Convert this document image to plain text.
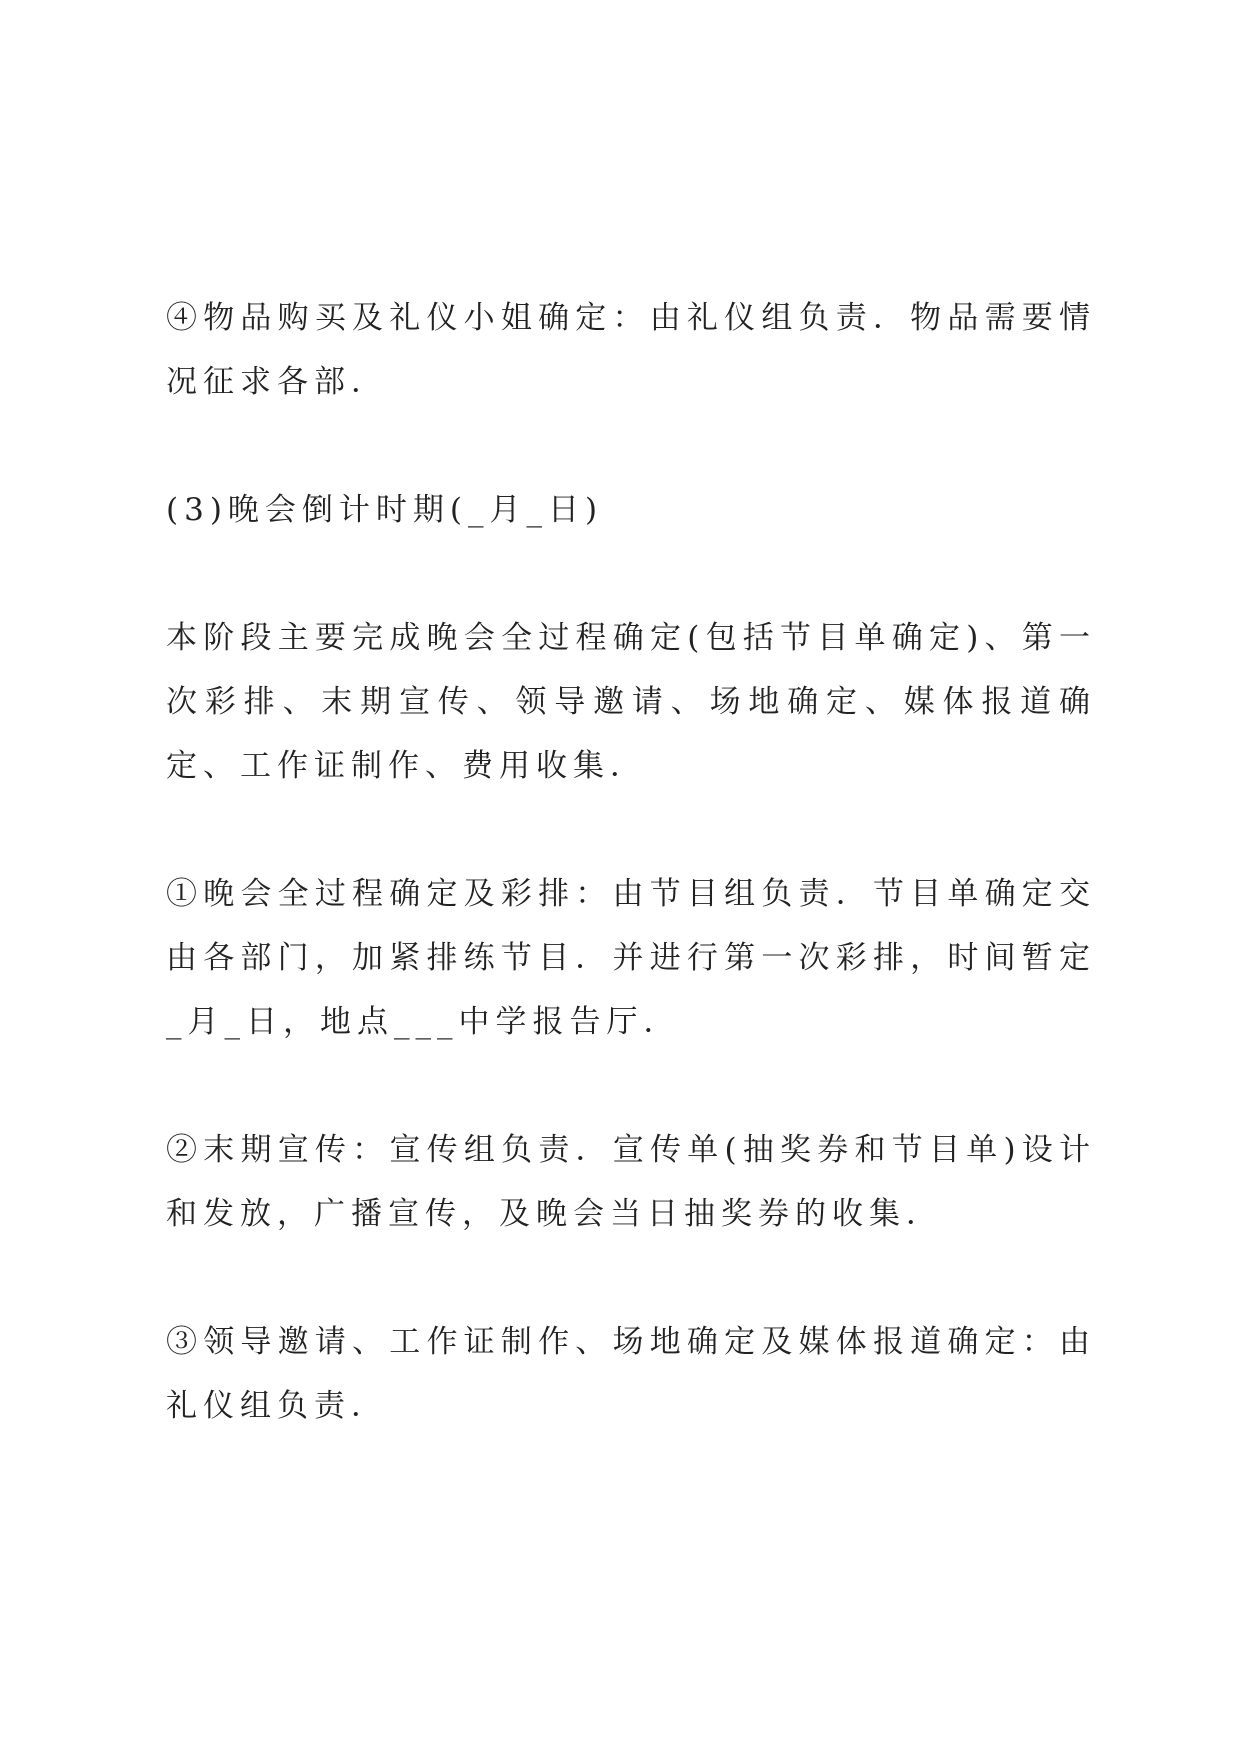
④物品购买及礼仪小姐确定：由礼仪组负责．物品需要情况征求各部．

(3)晚会倒计时期(_月_日)

本阶段主要完成晚会全过程确定(包括节目单确定)、第一次彩排、末期宣传、领导邀请、场地确定、媒体报道确定、工作证制作、费用收集．

①晚会全过程确定及彩排：由节目组负责．节目单确定交由各部门，加紧排练节目．并进行第一次彩排，时间暂定_月_日，地点___中学报告厅．

②末期宣传：宣传组负责．宣传单(抽奖券和节目单)设计和发放，广播宣传，及晚会当日抽奖券的收集．

③领导邀请、工作证制作、场地确定及媒体报道确定：由礼仪组负责．
